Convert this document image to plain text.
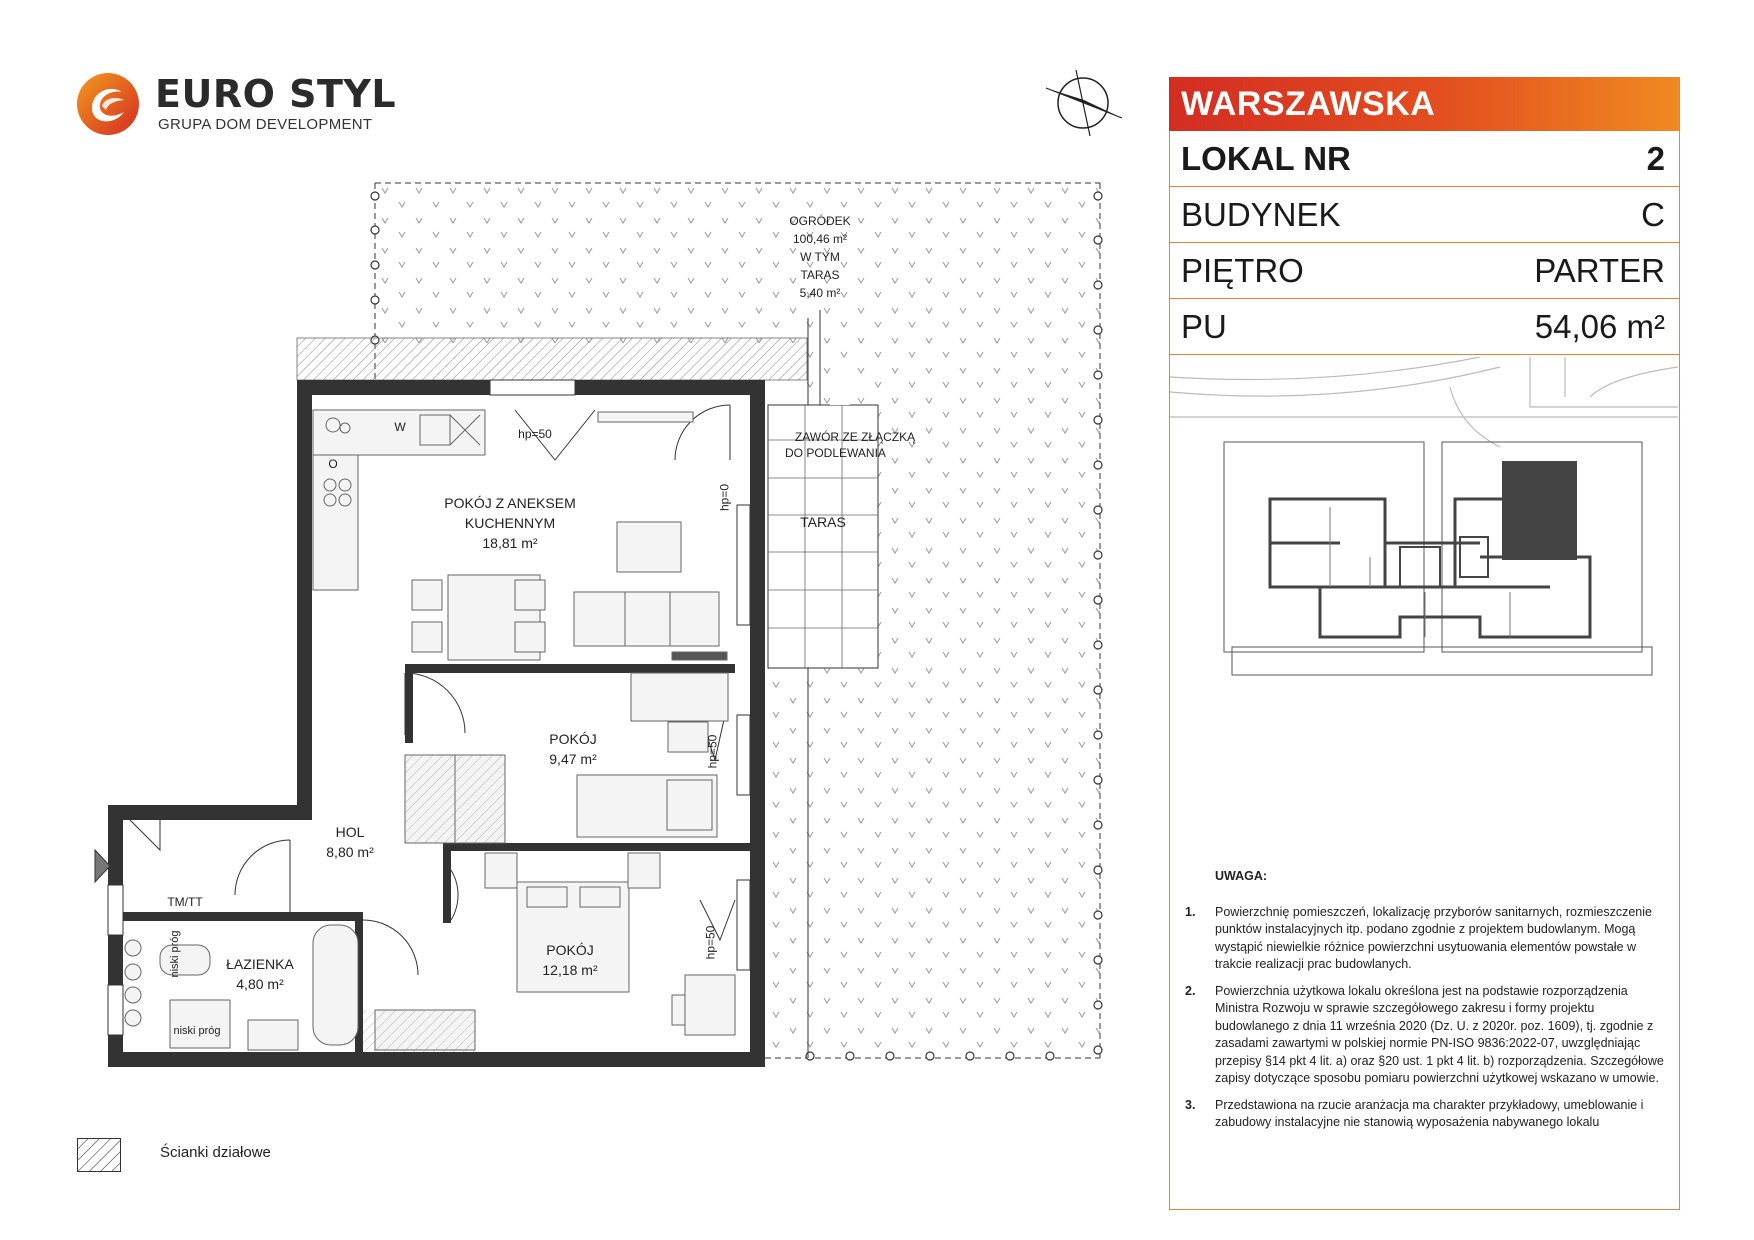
EURO STYL
GRUPA DOM DEVELOPMENT
OGRÓDEK
100,46 m²
W TYM
TARAS
5,40 m²
ZAWÓR ZE ZŁĄCZKĄ
DO PODLEWANIA
TARAS
POKÓJ Z ANEKSEM
KUCHENNYM
18,81 m²
POKÓJ
9,47 m²
POKÓJ
12,18 m²
HOL
8,80 m²
ŁAZIENKA
4,80 m²
hp=50
hp=0
hp=50
hp=50
TM/TT
niski próg
niski próg
W
O
WARSZAWSKA
LOKAL NR	2
BUDYNEK	C
PIĘTRO	PARTER
PU	54,06 m²
UWAGA:
1. Powierzchnię pomieszczeń, lokalizację przyborów sanitarnych, rozmieszczenie punktów instalacyjnych itp. podano zgodnie z projektem budowlanym. Mogą wystąpić niewielkie różnice powierzchni usytuowania elementów powstałe w trakcie realizacji prac budowlanych.
2. Powierzchnia użytkowa lokalu określona jest na podstawie rozporządzenia Ministra Rozwoju w sprawie szczegółowego zakresu i formy projektu budowlanego z dnia 11 września 2020 (Dz. U. z 2020r. poz. 1609), tj. zgodnie z zasadami zawartymi w polskiej normie PN-ISO 9836:2022-07, uwzględniając przepisy §14 pkt 4 lit. a) oraz §20 ust. 1 pkt 4 lit. b) rozporządzenia. Szczegółowe zapisy dotyczące sposobu pomiaru powierzchni użytkowej wskazano w umowie.
3. Przedstawiona na rzucie aranżacja ma charakter przykładowy, umeblowanie i zabudowy instalacyjne nie stanowią wyposażenia nabywanego lokalu
Ścianki działowe
